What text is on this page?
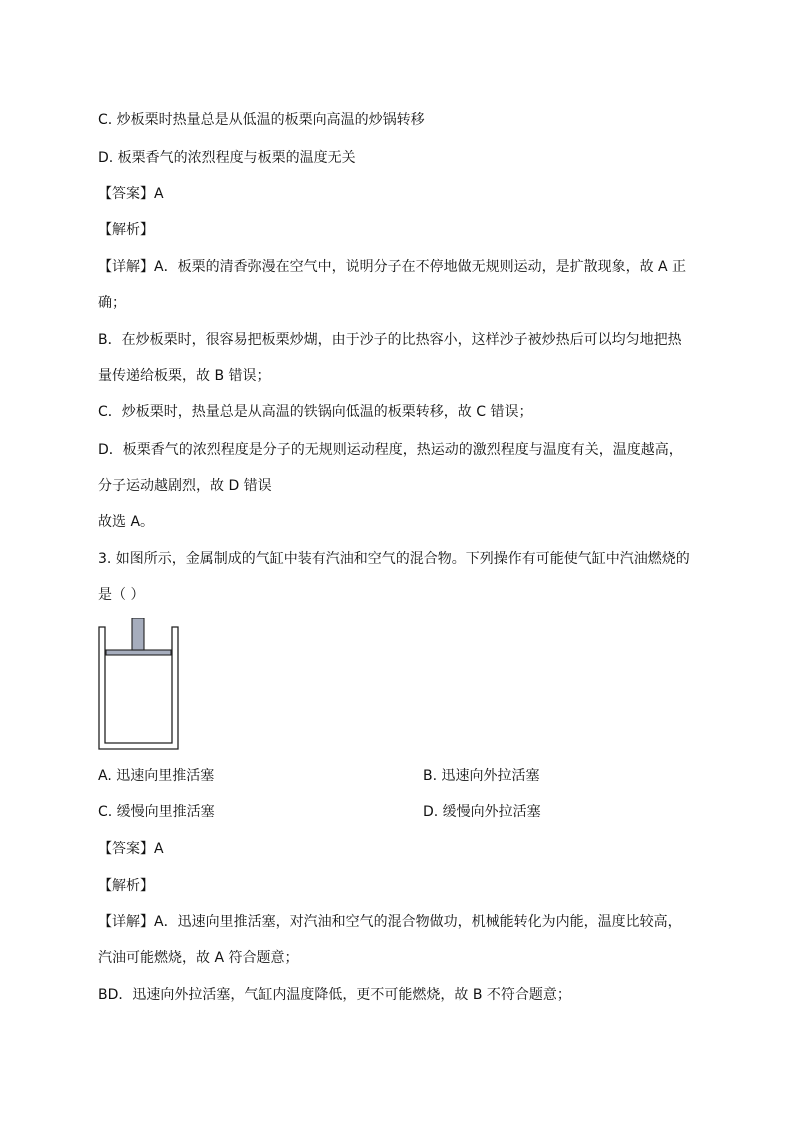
C. 炒板栗时热量总是从低温的板栗向高温的炒锅转移
D. 板栗香气的浓烈程度与板栗的温度无关
【答案】A
【解析】
【详解】A．板栗的清香弥漫在空气中，说明分子在不停地做无规则运动，是扩散现象，故 A 正
确；
B．在炒板栗时，很容易把板栗炒煳，由于沙子的比热容小，这样沙子被炒热后可以均匀地把热
量传递给板栗，故 B 错误；
C．炒板栗时，热量总是从高温的铁锅向低温的板栗转移，故 C 错误；
D．板栗香气的浓烈程度是分子的无规则运动程度，热运动的激烈程度与温度有关，温度越高，
分子运动越剧烈，故 D 错误
故选 A。
3. 如图所示，金属制成的气缸中装有汽油和空气的混合物。下列操作有可能使气缸中汽油燃烧的
是（ ）
A. 迅速向里推活塞	B. 迅速向外拉活塞
C. 缓慢向里推活塞	D. 缓慢向外拉活塞
【答案】A
【解析】
【详解】A．迅速向里推活塞，对汽油和空气的混合物做功，机械能转化为内能，温度比较高，
汽油可能燃烧，故 A 符合题意；
BD．迅速向外拉活塞，气缸内温度降低，更不可能燃烧，故 B 不符合题意；
